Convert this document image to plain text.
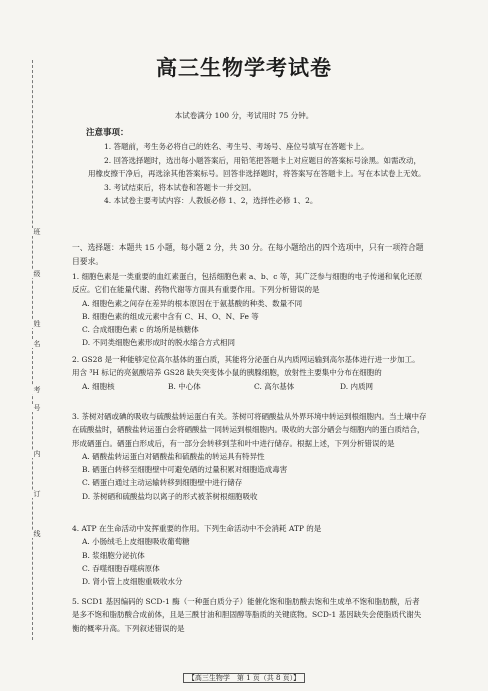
班
级
姓
名
考
号
内
订
线
高三生物学考试卷
本试卷满分 100 分，考试用时 75 分钟。
注意事项：

1. 答题前，考生务必将自己的姓名、考生号、考场号、座位号填写在答题卡上。

2. 回答选择题时，选出每小题答案后，用铅笔把答题卡上对应题目的答案标号涂黑。如需改动，用橡皮擦干净后，再选涂其他答案标号。回答非选择题时，将答案写在答题卡上。写在本试卷上无效。

3. 考试结束后，将本试卷和答题卡一并交回。

4. 本试卷主要考试内容：人教版必修 1、2，选择性必修 1、2。

一、选择题：本题共 15 小题，每小题 2 分，共 30 分。在每小题给出的四个选项中，只有一项符合题目要求。

1. 细胞色素是一类重要的血红素蛋白，包括细胞色素 a、b、c 等，其广泛参与细胞的电子传递和氧化还原反应。它们在能量代谢、药物代谢等方面具有重要作用。下列分析错误的是

A. 细胞色素之间存在差异的根本原因在于氨基酸的种类、数量不同

B. 细胞色素的组成元素中含有 C、H、O、N、Fe 等

C. 合成细胞色素 c 的场所是核糖体

D. 不同类细胞色素形成时的脱水缩合方式相同

2. GS28 是一种能够定位高尔基体的蛋白质，其能将分泌蛋白从内质网运输到高尔基体进行进一步加工。用含 ³H 标记的亮氨酸培养 GS28 缺失突变体小鼠的胰腺细胞，放射性主要集中分布在细胞的

A. 细胞核	B. 中心体	C. 高尔基体	D. 内质网

3. 茶树对硒或碘的吸收与硫酸盐转运蛋白有关。茶树可将硒酸盐从外界环境中转运到根细胞内。当土壤中存在硫酸盐时，硒酸盐转运蛋白会将硒酸盐一同转运到根细胞内。吸收的大部分硒会与细胞内的蛋白质结合，形成硒蛋白。硒蛋白形成后，有一部分会转移到茎和叶中进行储存。根据上述，下列分析错误的是

A. 硒酸盐转运蛋白对硒酸盐和硫酸盐的转运具有特异性

B. 硒蛋白转移至细胞壁中可避免硒的过量积累对细胞造成毒害

C. 硒蛋白通过主动运输转移到细胞壁中进行储存

D. 茶树硒和硫酸盐均以离子的形式被茶树根细胞吸收

4. ATP 在生命活动中发挥重要的作用。下列生命活动中不会消耗 ATP 的是

A. 小肠绒毛上皮细胞吸收葡萄糖

B. 浆细胞分泌抗体

C. 吞噬细胞吞噬病原体

D. 肾小管上皮细胞重吸收水分

5. SCD1 基因编码的 SCD-1 酶（一种蛋白质分子）能催化饱和脂肪酸去饱和生成单不饱和脂肪酸，后者是多不饱和脂肪酸合成前体，且是三酰甘油和胆固醇等脂质的关键底物。SCD-1 基因缺失会使脂质代谢失衡的概率升高。下列叙述错误的是

【高三生物学　第 1 页（共 8 页）】
